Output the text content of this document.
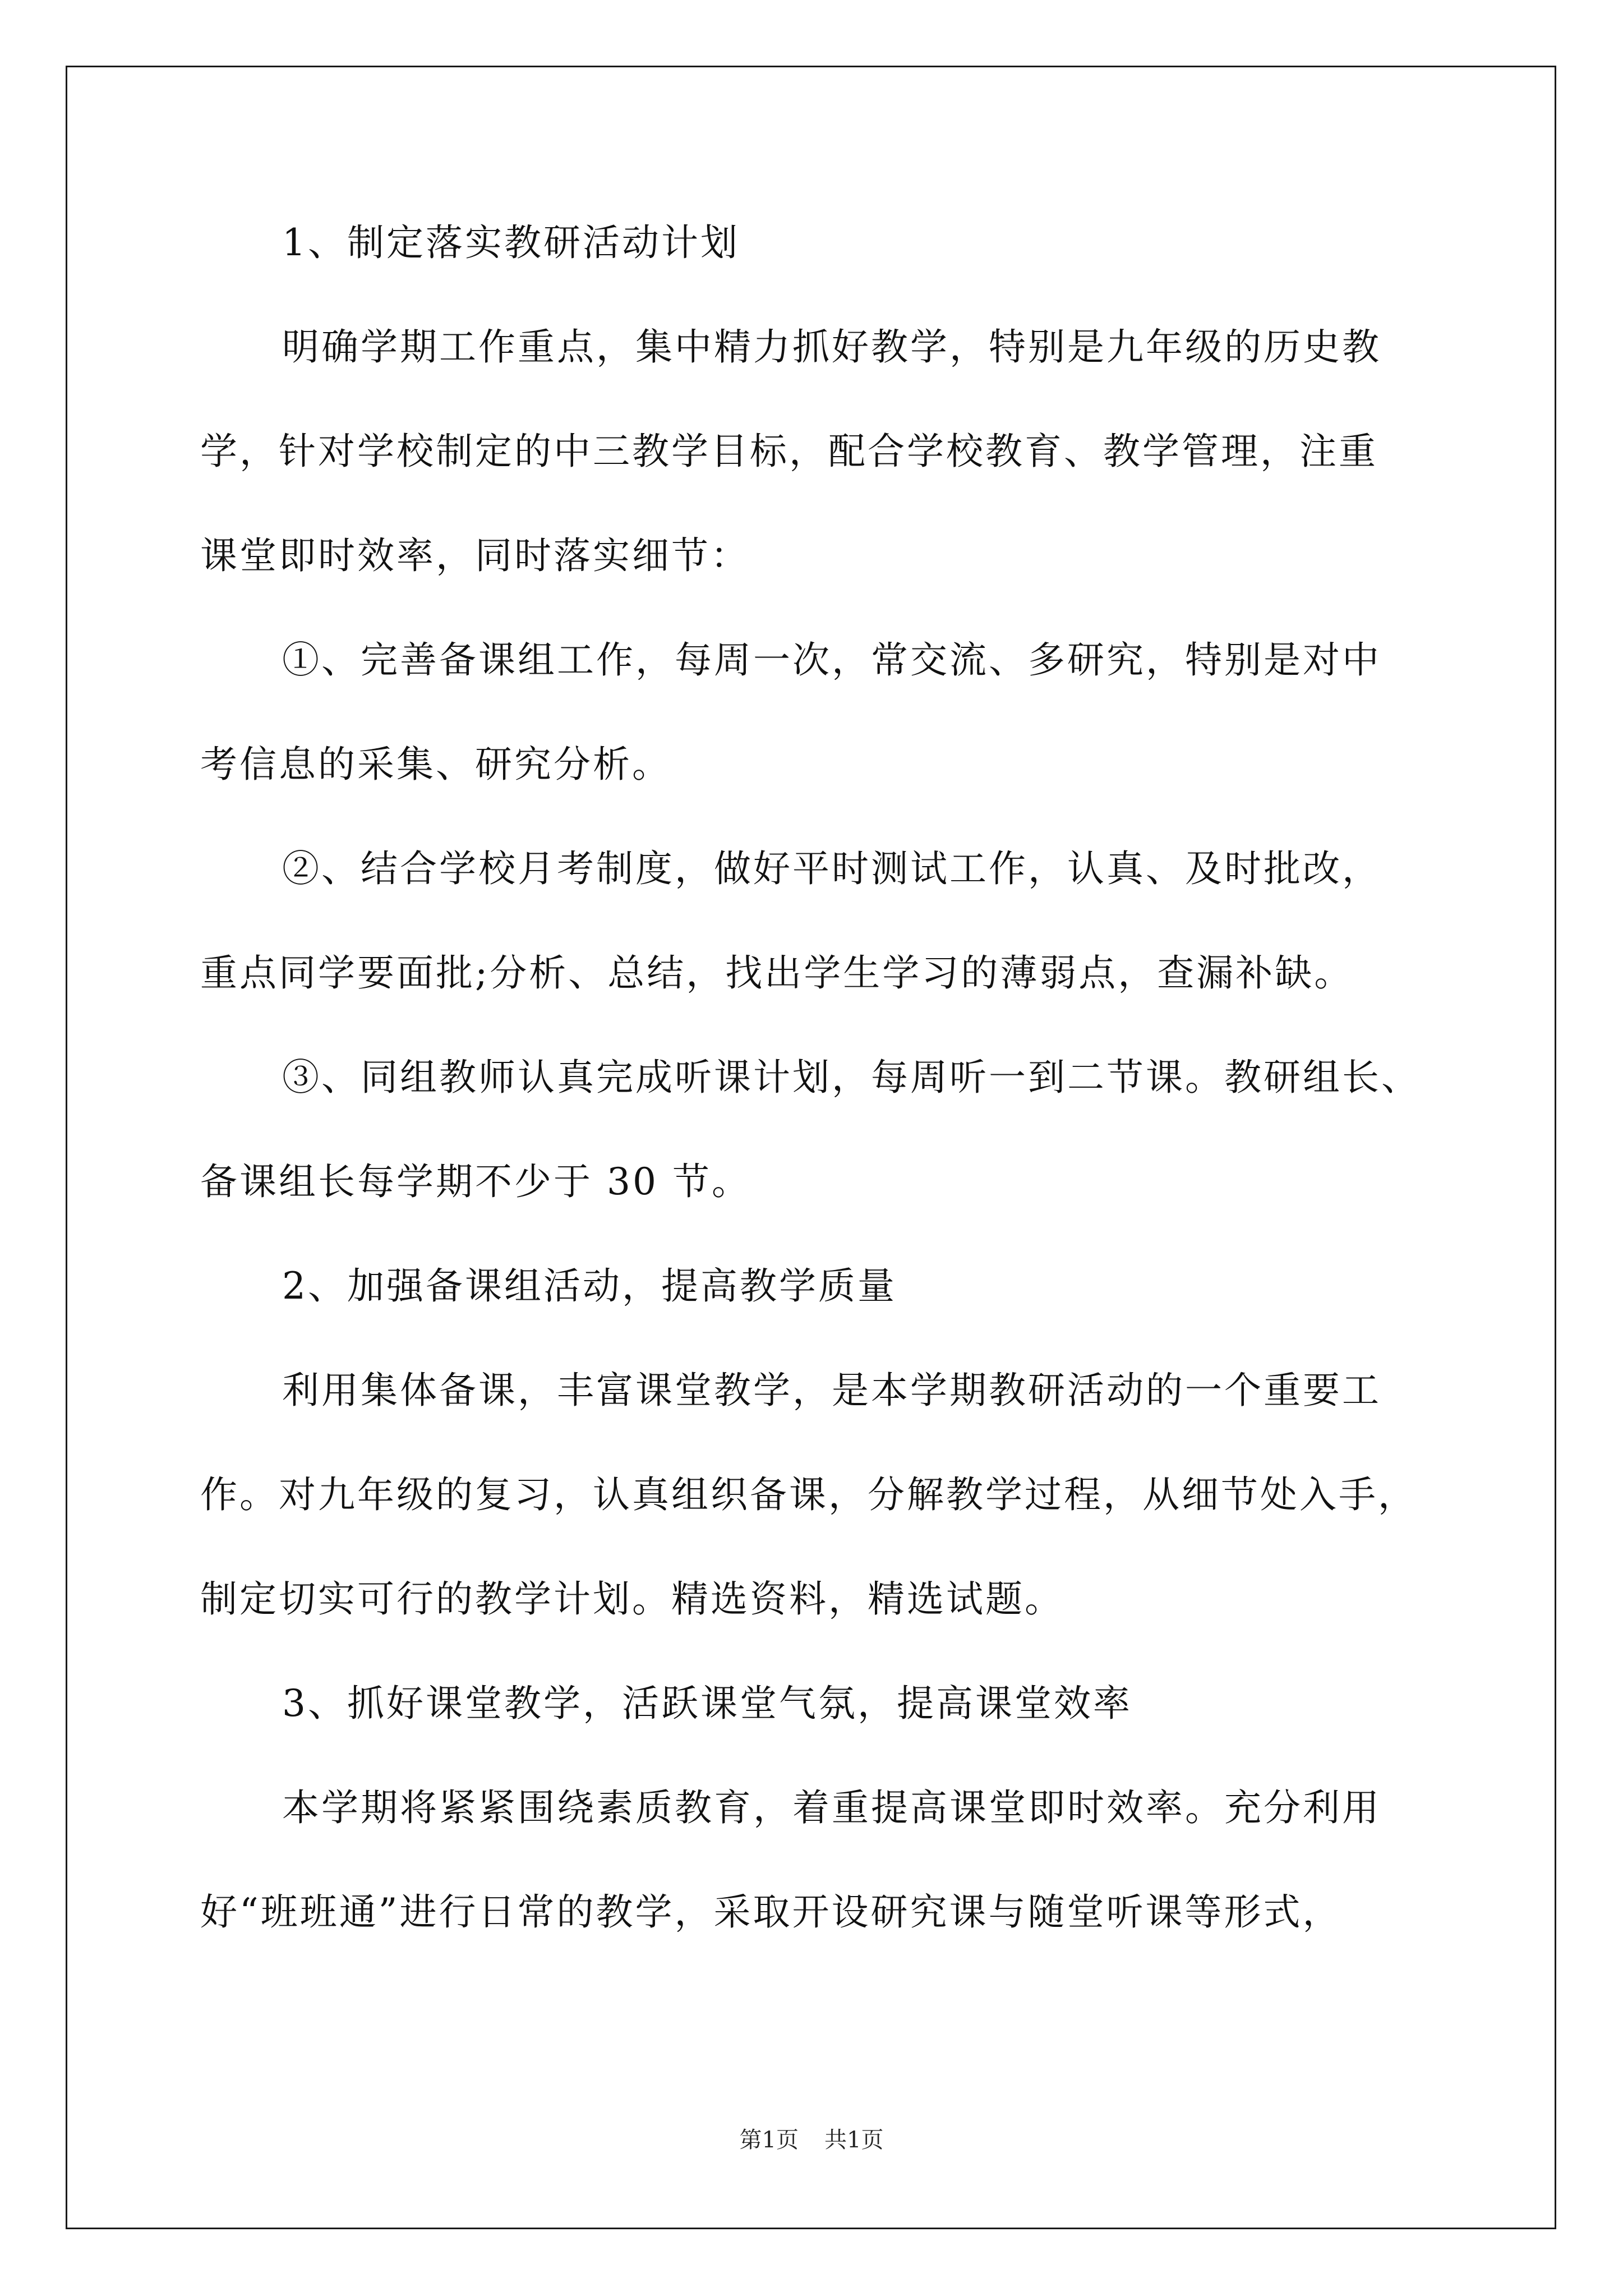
1、制定落实教研活动计划
明确学期工作重点，集中精力抓好教学，特别是九年级的历史教
学，针对学校制定的中三教学目标，配合学校教育、教学管理，注重
课堂即时效率，同时落实细节：
①、完善备课组工作，每周一次，常交流、多研究，特别是对中
考信息的采集、研究分析。
②、结合学校月考制度，做好平时测试工作，认真、及时批改，
重点同学要面批;分析、总结，找出学生学习的薄弱点，查漏补缺。
③、同组教师认真完成听课计划，每周听一到二节课。教研组长、
备课组长每学期不少于 30 节。
2、加强备课组活动，提高教学质量
利用集体备课，丰富课堂教学，是本学期教研活动的一个重要工
作。对九年级的复习，认真组织备课，分解教学过程，从细节处入手，
制定切实可行的教学计划。精选资料，精选试题。
3、抓好课堂教学，活跃课堂气氛，提高课堂效率
本学期将紧紧围绕素质教育，着重提高课堂即时效率。充分利用
好“班班通”进行日常的教学，采取开设研究课与随堂听课等形式，
第1页 共1页
